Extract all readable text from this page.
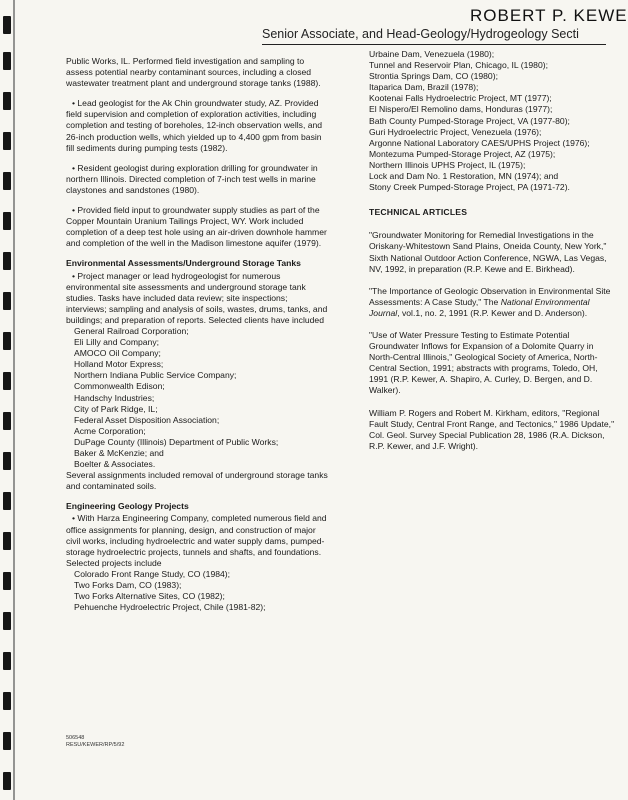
ROBERT P. KEWE
Senior Associate, and Head-Geology/Hydrogeology Secti

Public Works, IL. Performed field investigation and sampling to assess potential nearby contaminant sources, including a closed wastewater treatment plant and underground storage tanks (1988).

• Lead geologist for the Ak Chin groundwater study, AZ. Provided field supervision and completion of exploration activities, including completion and testing of boreholes, 12-inch observation wells, and 26-inch production wells, which yielded up to 4,400 gpm from basin fill sediments during pumping tests (1982).

• Resident geologist during exploration drilling for groundwater in northern Illinois. Directed completion of 7-inch test wells in marine claystones and sandstones (1980).

• Provided field input to groundwater supply studies as part of the Copper Mountain Uranium Tailings Project, WY. Work included completion of a deep test hole using an air-driven downhole hammer and completion of the well in the Madison limestone aquifer (1979).

Environmental Assessments/Underground Storage Tanks

• Project manager or lead hydrogeologist for numerous environmental site assessments and underground storage tank studies. Tasks have included data review; site inspections; interviews; sampling and analysis of soils, wastes, drums, tanks, and buildings; and preparation of reports. Selected clients have included

General Railroad Corporation;
Eli Lilly and Company;
AMOCO Oil Company;
Holland Motor Express;
Northern Indiana Public Service Company;
Commonwealth Edison;
Handschy Industries;
City of Park Ridge, IL;
Federal Asset Disposition Association;
Acme Corporation;
DuPage County (Illinois) Department of Public Works;
Baker & McKenzie; and
Boelter & Associates.

Several assignments included removal of underground storage tanks and contaminated soils.

Engineering Geology Projects

• With Harza Engineering Company, completed numerous field and office assignments for planning, design, and construction of major civil works, including hydroelectric and water supply dams, pumped-storage hydroelectric projects, tunnels and shafts, and foundations. Selected projects include

Colorado Front Range Study, CO (1984);
Two Forks Dam, CO (1983);
Two Forks Alternative Sites, CO (1982);
Pehuenche Hydroelectric Project, Chile (1981-82);
Urbaine Dam, Venezuela (1980);
Tunnel and Reservoir Plan, Chicago, IL (1980);
Strontia Springs Dam, CO (1980);
Itaparica Dam, Brazil (1978);
Kootenai Falls Hydroelectric Project, MT (1977);
El Nispero/El Remolino dams, Honduras (1977);
Bath County Pumped-Storage Project, VA (1977-80);
Guri Hydroelectric Project, Venezuela (1976);
Argonne National Laboratory CAES/UPHS Project (1976);
Montezuma Pumped-Storage Project, AZ (1975);
Northern Illinois UPHS Project, IL (1975);
Lock and Dam No. 1 Restoration, MN (1974); and
Stony Creek Pumped-Storage Project, PA (1971-72).

TECHNICAL ARTICLES

"Groundwater Monitoring for Remedial Investigations in the Oriskany-Whitestown Sand Plains, Oneida County, New York," Sixth National Outdoor Action Conference, NGWA, Las Vegas, NV, 1992, in preparation (R.P. Kewe and E. Birkhead).

"The Importance of Geologic Observation in Environmental Site Assessments: A Case Study," The National Environmental Journal, vol.1, no. 2, 1991 (R.P. Kewer and D. Anderson).

"Use of Water Pressure Testing to Estimate Potential Groundwater Inflows for Expansion of a Dolomite Quarry in North-Central Illinois," Geological Society of America, North-Central Section, 1991; abstracts with programs, Toledo, OH, 1991 (R.P. Kewer, A. Shapiro, A. Curley, D. Bergen, and D. Walker).

William P. Rogers and Robert M. Kirkham, editors, "Regional Fault Study, Central Front Range, and Tectonics," 1986 Update," Col. Geol. Survey Special Publication 28, 1986 (R.A. Dickson, R.P. Kewer, and J.F. Wright).

506548
RESU/KEWER/RP/5/92
